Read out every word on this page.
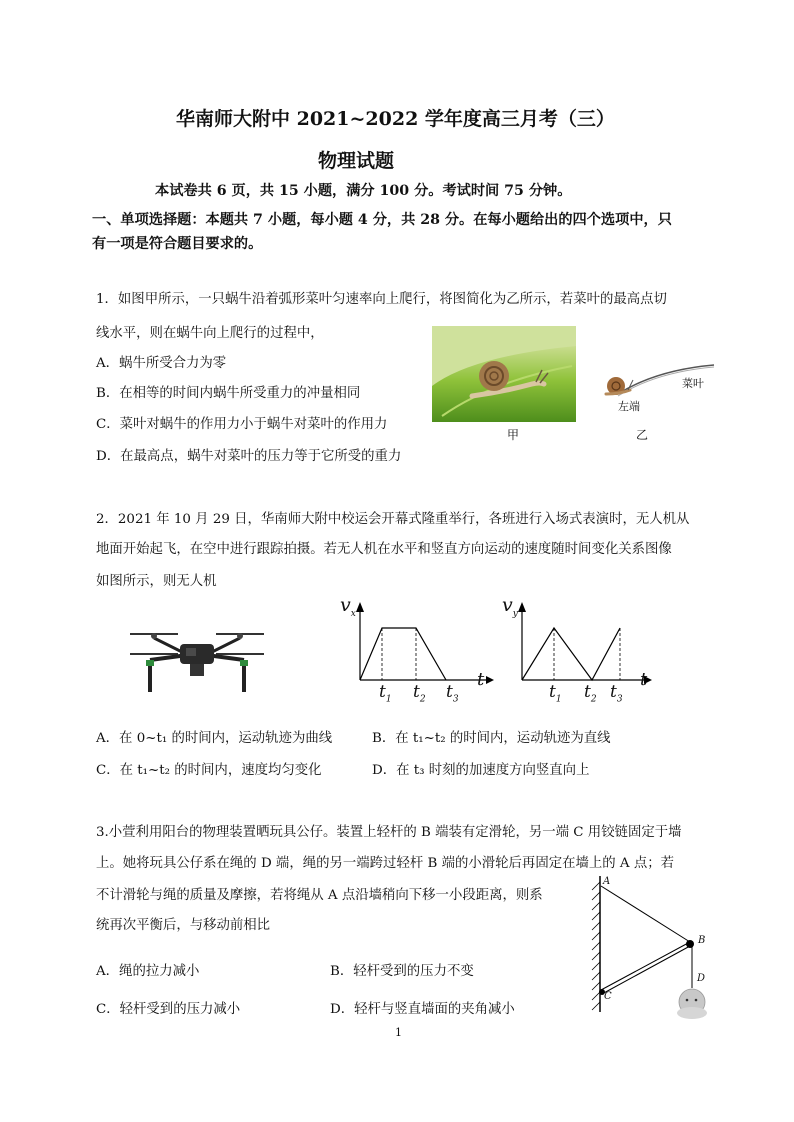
华南师大附中 2021~2022 学年度高三月考（三）
物理试题
本试卷共 6 页，共 15 小题，满分 100 分。考试时间 75 分钟。
一、单项选择题：本题共 7 小题，每小题 4 分，共 28 分。在每小题给出的四个选项中，只
有一项是符合题目要求的。
1．如图甲所示，一只蜗牛沿着弧形菜叶匀速率向上爬行，将图简化为乙所示，若菜叶的最高点切
线水平，则在蜗牛向上爬行的过程中，
A．蜗牛所受合力为零
B．在相等的时间内蜗牛所受重力的冲量相同
C．菜叶对蜗牛的作用力小于蜗牛对菜叶的作用力
D．在最高点，蜗牛对菜叶的压力等于它所受的重力
甲
左端
菜叶
乙
2．2021 年 10 月 29 日，华南师大附中校运会开幕式隆重举行，各班进行入场式表演时，无人机从
地面开始起飞，在空中进行跟踪拍摄。若无人机在水平和竖直方向运动的速度随时间变化关系图像
如图所示，则无人机
$v_x$
t
$t_1$ $t_2$ $t_3$
$v_y$
t
$t_1$ $t_2$ $t_3$
A．在 0~t₁ 的时间内，运动轨迹为曲线	B．在 t₁~t₂ 的时间内，运动轨迹为直线
C．在 t₁~t₂ 的时间内，速度均匀变化	D．在 t₃ 时刻的加速度方向竖直向上
3.小萱利用阳台的物理装置晒玩具公仔。装置上轻杆的 B 端装有定滑轮，另一端 C 用铰链固定于墙
上。她将玩具公仔系在绳的 D 端，绳的另一端跨过轻杆 B 端的小滑轮后再固定在墙上的 A 点；若
不计滑轮与绳的质量及摩擦，若将绳从 A 点沿墙稍向下移一小段距离，则系
统再次平衡后，与移动前相比
A．绳的拉力减小	B．轻杆受到的压力不变
C．轻杆受到的压力减小	D．轻杆与竖直墙面的夹角减小
A
B
C
D
1
